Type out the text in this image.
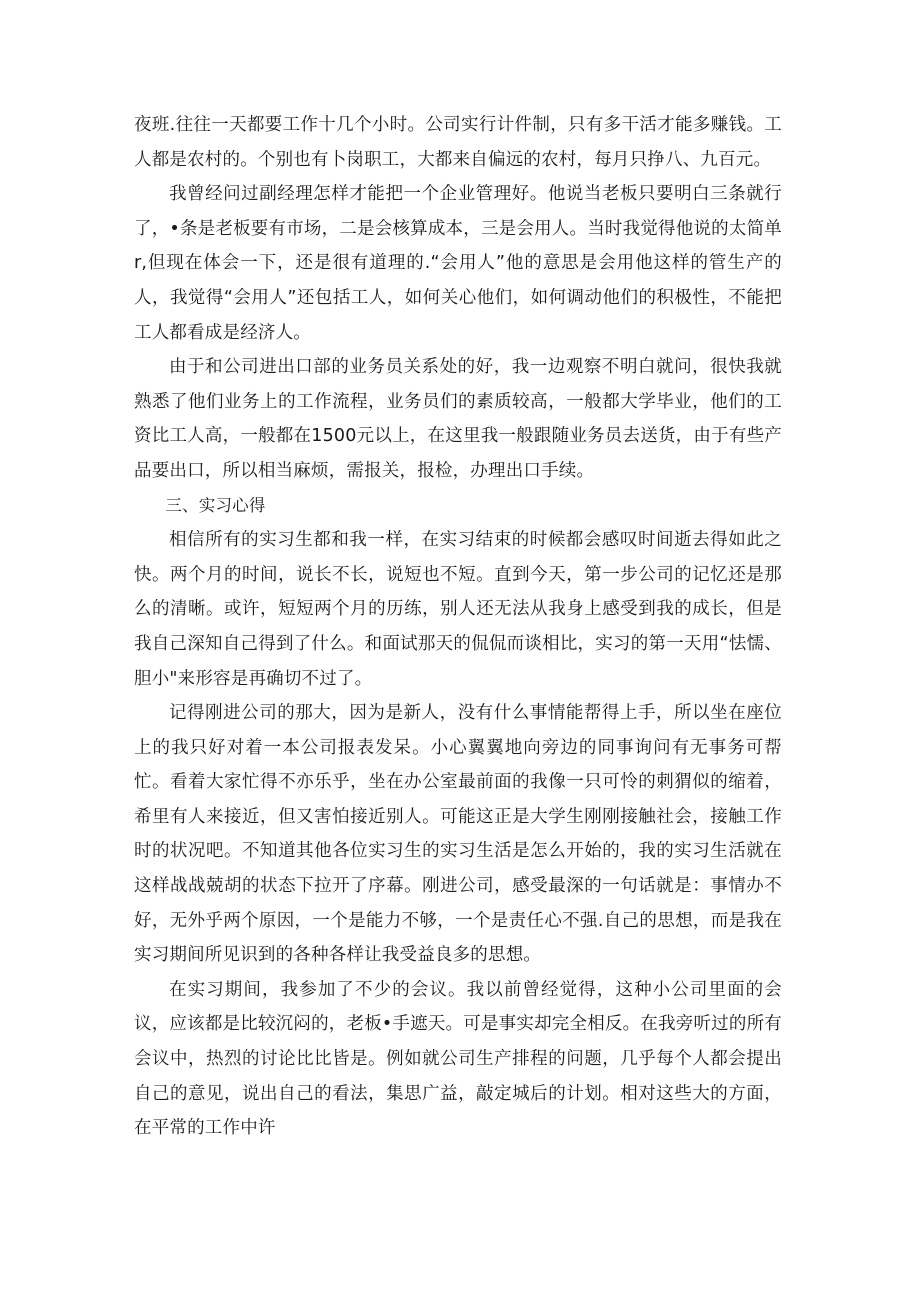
夜班.往往一天都要工作十几个小时。公司实行计件制，只有多干活才能多赚钱。工人都是农村的。个别也有卜岗职工，大都来自偏远的农村，每月只挣八、九百元。

我曾经问过副经理怎样才能把一个企业管理好。他说当老板只要明白三条就行了，•条是老板要有市场，二是会核算成本，三是会用人。当时我觉得他说的太简单r,但现在体会一下，还是很有道理的.“会用人”他的意思是会用他这样的管生产的人，我觉得“会用人”还包括工人，如何关心他们，如何调动他们的积极性，不能把工人都看成是经济人。

由于和公司进出口部的业务员关系处的好，我一边观察不明白就问，很快我就熟悉了他们业务上的工作流程，业务员们的素质较高，一般都大学毕业，他们的工资比工人高，一般都在1500元以上，在这里我一般跟随业务员去送货，由于有些产品要出口，所以相当麻烦，需报关，报检，办理出口手续。

三、实习心得

相信所有的实习生都和我一样，在实习结束的时候都会感叹时间逝去得如此之快。两个月的时间，说长不长，说短也不短。直到今天，第一步公司的记忆还是那么的清晰。或许，短短两个月的历练，别人还无法从我身上感受到我的成长，但是我自己深知自己得到了什么。和面试那天的侃侃而谈相比，实习的第一天用“怯懦、胆小"来形容是再确切不过了。

记得刚进公司的那大，因为是新人，没有什么事情能帮得上手，所以坐在座位上的我只好对着一本公司报表发呆。小心翼翼地向旁边的同事询问有无事务可帮忙。看着大家忙得不亦乐乎，坐在办公室最前面的我像一只可怜的刺猬似的缩着，希里有人来接近，但又害怕接近别人。可能这正是大学生刚刚接触社会，接触工作时的状况吧。不知道其他各位实习生的实习生活是怎么开始的，我的实习生活就在这样战战兢胡的状态下拉开了序幕。刚进公司，感受最深的一句话就是：事情办不好，无外乎两个原因，一个是能力不够，一个是责任心不强.自己的思想，而是我在实习期间所见识到的各种各样让我受益良多的思想。

在实习期间，我参加了不少的会议。我以前曾经觉得，这种小公司里面的会议，应该都是比较沉闷的，老板•手遮天。可是事实却完全相反。在我旁听过的所有会议中，热烈的讨论比比皆是。例如就公司生产排程的问题，几乎每个人都会提出自己的意见，说出自己的看法，集思广益，敲定城后的计划。相对这些大的方面，在平常的工作中许
